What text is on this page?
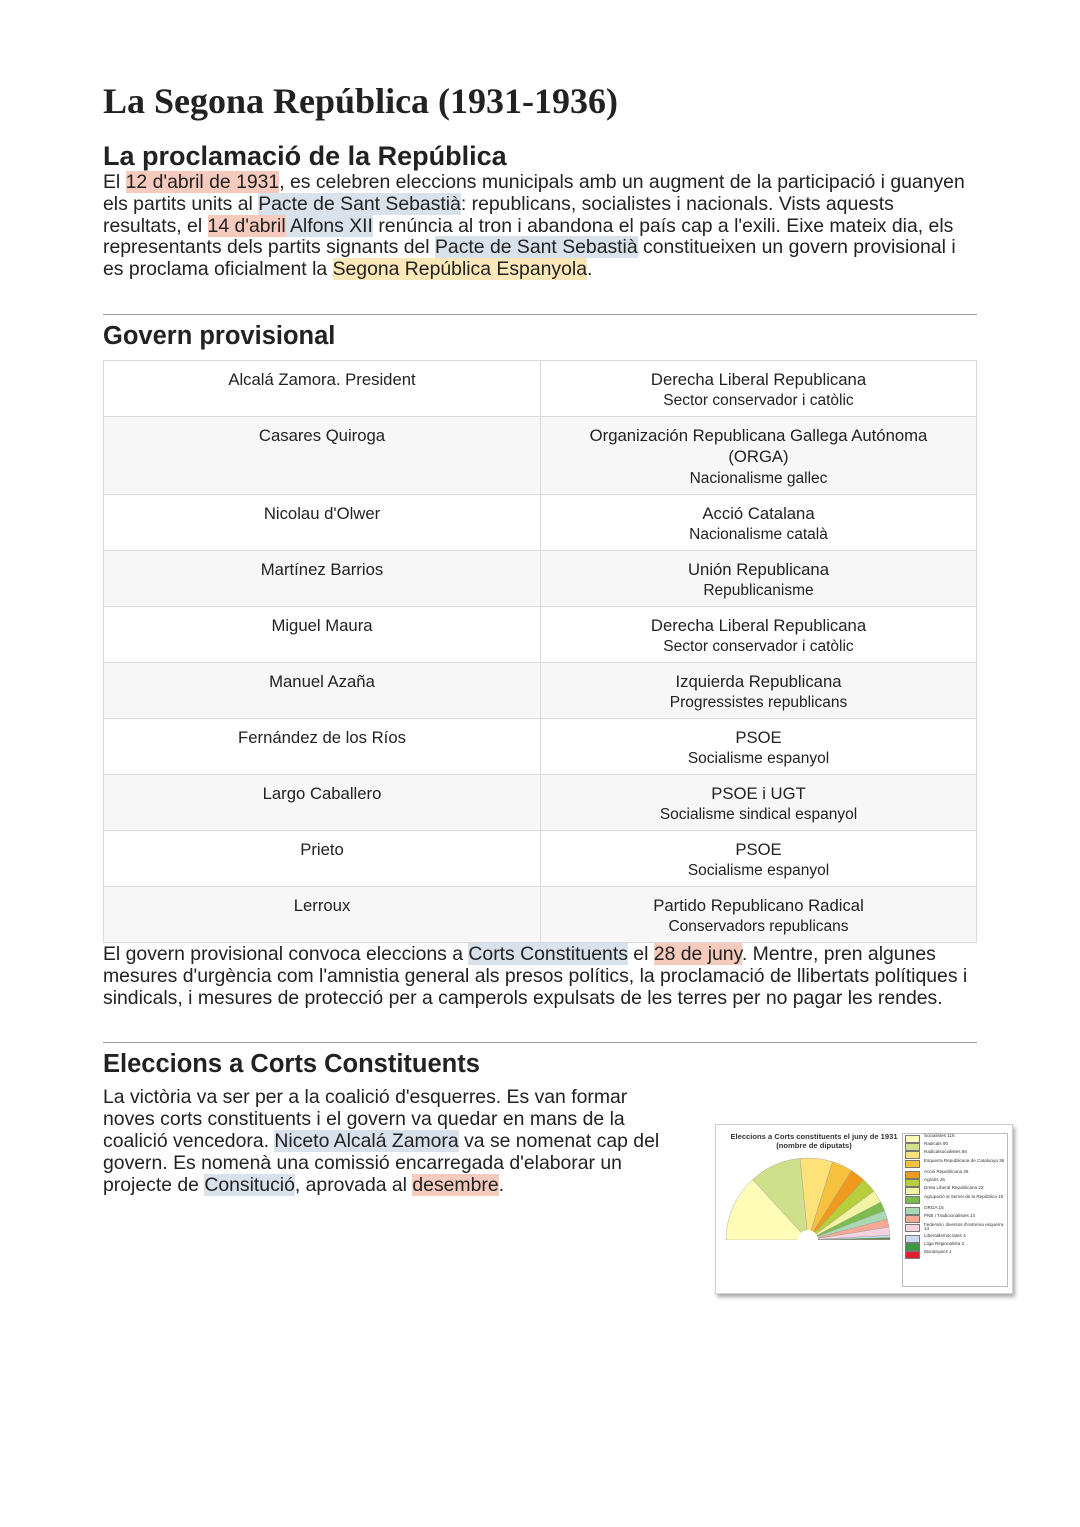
La Segona República (1931-1936)
La proclamació de la República

El 12 d'abril de 1931, es celebren eleccions municipals amb un augment de la participació i guanyen els partits units al Pacte de Sant Sebastià: republicans, socialistes i nacionals. Vists aquests resultats, el 14 d'abril Alfons XII renúncia al tron i abandona el país cap a l'exili. Eixe mateix dia, els representants dels partits signants del Pacte de Sant Sebastià constitueixen un govern provisional i es proclama oficialment la Segona República Espanyola.

Govern provisional
Alcalá Zamora. President	Derecha Liberal Republicana
Sector conservador i catòlic

Casares Quiroga	Organización Republicana Gallega Autónoma (ORGA)
Nacionalisme gallec

Nicolau d'Olwer	Acció Catalana
Nacionalisme català

Martínez Barrios	Unión Republicana
Republicanisme

Miguel Maura	Derecha Liberal Republicana
Sector conservador i catòlic

Manuel Azaña	Izquierda Republicana
Progressistes republicans

Fernández de los Ríos	PSOE
Socialisme espanyol

Largo Caballero	PSOE i UGT
Socialisme sindical espanyol

Prieto	PSOE
Socialisme espanyol

Lerroux	Partido Republicano Radical
Conservadors republicans

El govern provisional convoca eleccions a Corts Constituents el 28 de juny. Mentre, pren algunes mesures d'urgència com l'amnistia general als presos polítics, la proclamació de llibertats polítiques i sindicals, i mesures de protecció per a camperols expulsats de les terres per no pagar les rendes.

Eleccions a Corts Constituents

La victòria va ser per a la coalició d'esquerres. Es van formar noves corts constituents i el govern va quedar en mans de la coalició vencedora. Niceto Alcalá Zamora va se nomenat cap del govern. Es nomenà una comissió encarregada d'elaborar un projecte de Consitució, aprovada al desembre.

Eleccions a Corts constituents el juny de 1931 (nombre de diputats)
Socialistes 116
Radicals 90
Radicalsocialistes 56
Esquerra Republicana de Catalunya 36
Acció Republicana 26
Agraris 26
Dreta Liberal Republicana 22
Agrupació al Servei de la República 16
ORGA 15
PNB i Tradicionalistes 14
Federals i diversos d'extrema esquerra 14
Liberaldemòcrates 4
Lliga Regionalista 3
Monàrquics 1
